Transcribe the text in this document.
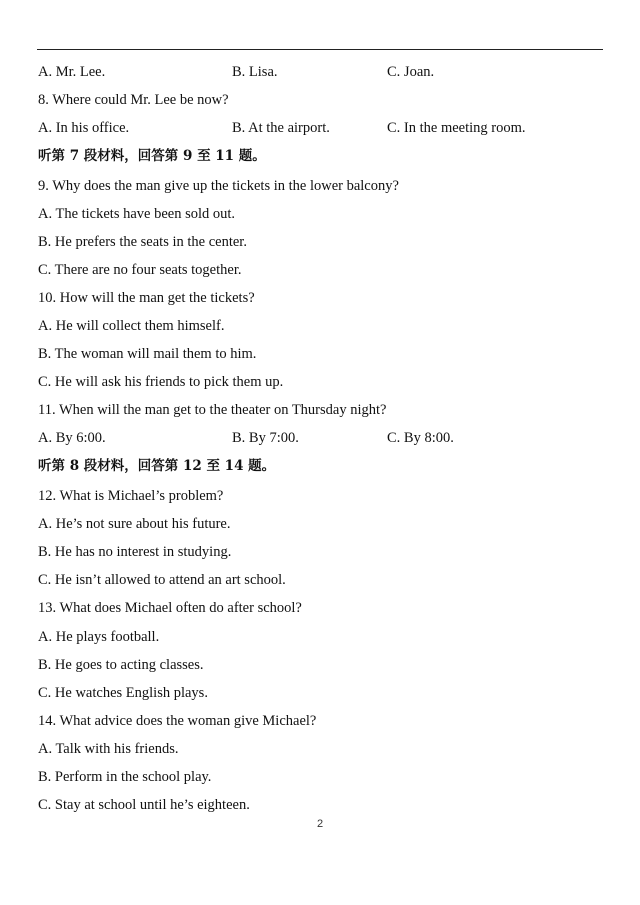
A. Mr. Lee.	B. Lisa.	C. Joan.
8. Where could Mr. Lee be now?
A. In his office.	B. At the airport.	C. In the meeting room.
听第 7 段材料，回答第 9 至 11 题。
9. Why does the man give up the tickets in the lower balcony?
A. The tickets have been sold out.
B. He prefers the seats in the center.
C. There are no four seats together.
10. How will the man get the tickets?
A. He will collect them himself.
B. The woman will mail them to him.
C. He will ask his friends to pick them up.
11. When will the man get to the theater on Thursday night?
A. By 6:00.	B. By 7:00.	C. By 8:00.
听第 8 段材料，回答第 12 至 14 题。
12. What is Michael’s problem?
A. He’s not sure about his future.
B. He has no interest in studying.
C. He isn’t allowed to attend an art school.
13. What does Michael often do after school?
A. He plays football.
B. He goes to acting classes.
C. He watches English plays.
14. What advice does the woman give Michael?
A. Talk with his friends.
B. Perform in the school play.
C. Stay at school until he’s eighteen.
2
